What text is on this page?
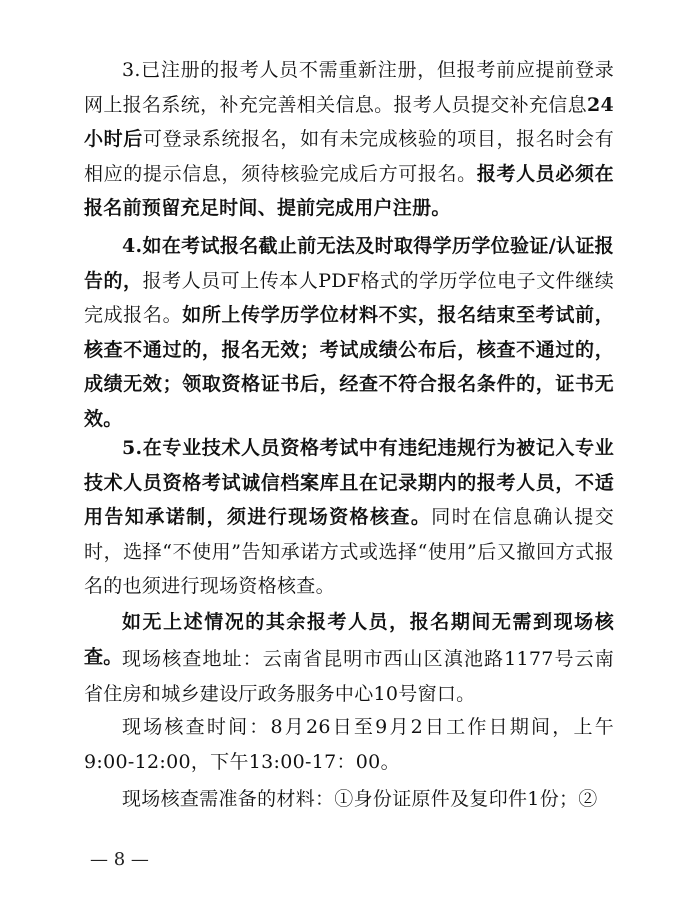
3.已注册的报考人员不需重新注册，但报考前应提前登录网上报名系统，补充完善相关信息。报考人员提交补充信息24小时后可登录系统报名，如有未完成核验的项目，报名时会有相应的提示信息，须待核验完成后方可报名。报考人员必须在报名前预留充足时间、提前完成用户注册。

4.如在考试报名截止前无法及时取得学历学位验证/认证报告的，报考人员可上传本人PDF格式的学历学位电子文件继续完成报名。如所上传学历学位材料不实，报名结束至考试前，核查不通过的，报名无效；考试成绩公布后，核查不通过的，成绩无效；领取资格证书后，经查不符合报名条件的，证书无效。

5.在专业技术人员资格考试中有违纪违规行为被记入专业技术人员资格考试诚信档案库且在记录期内的报考人员，不适用告知承诺制，须进行现场资格核查。同时在信息确认提交时，选择“不使用”告知承诺方式或选择“使用”后又撤回方式报名的也须进行现场资格核查。

如无上述情况的其余报考人员，报名期间无需到现场核查。 现场核查地址：云南省昆明市西山区滇池路1177号云南省住房和城乡建设厅政务服务中心10号窗口。

现场核查时间：8月26日至9月2日工作日期间，上午9:00-12:00，下午13:00-17：00。

现场核查需准备的材料：①身份证原件及复印件1份；②

— 8 —
